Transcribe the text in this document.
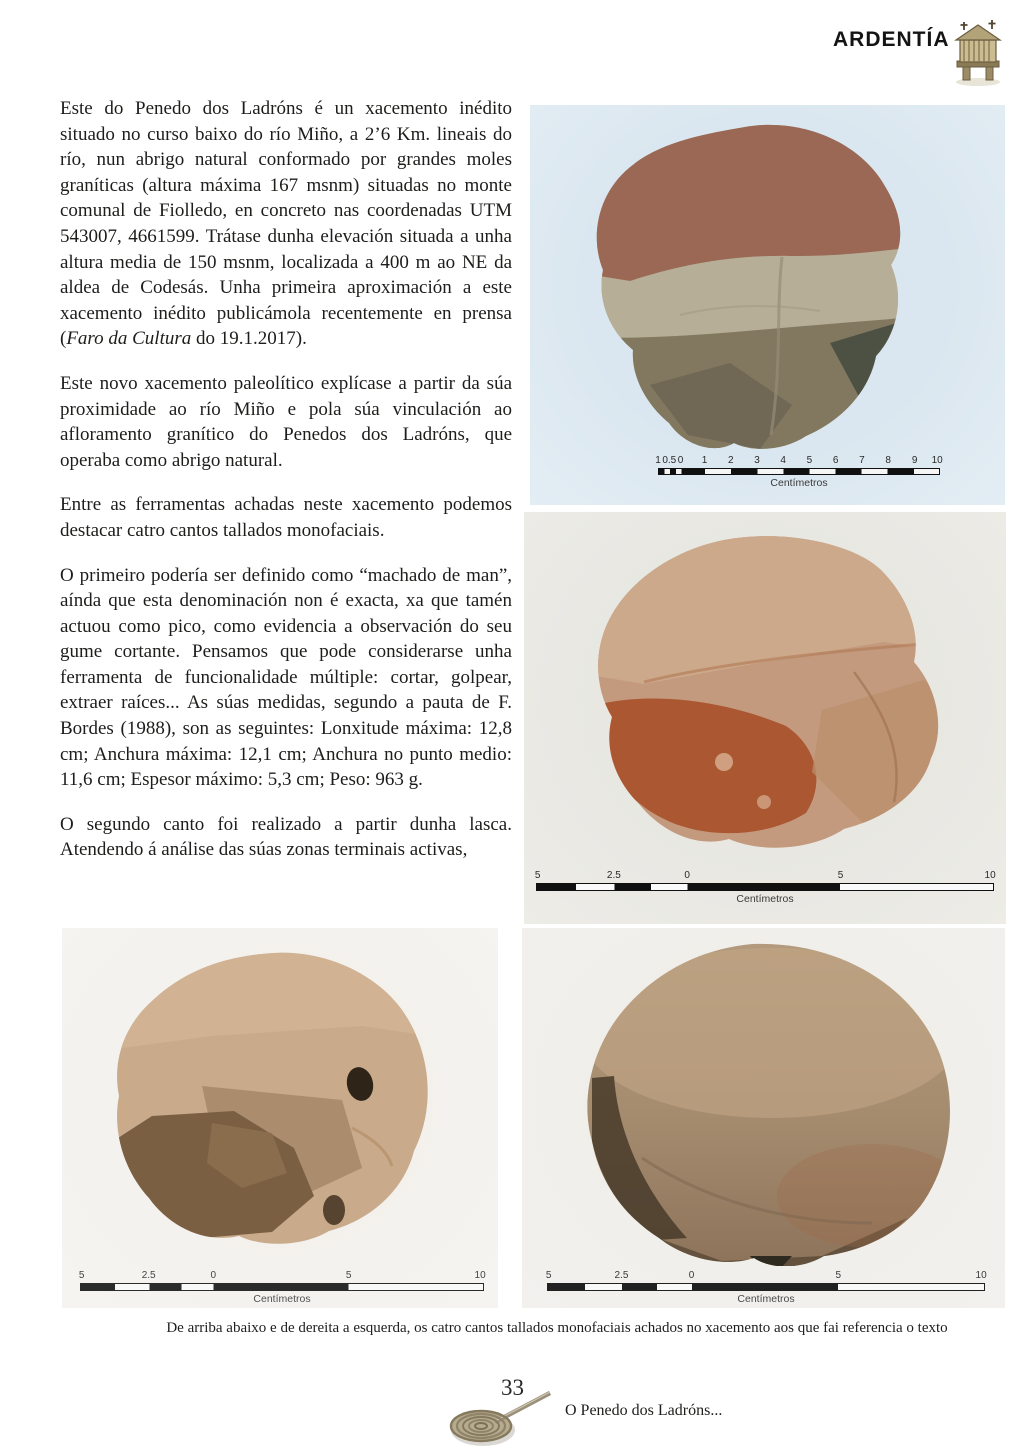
ARDENTÍA

Este do Penedo dos Ladróns é un xacemento inédito situado no curso baixo do río Miño, a 2’6 Km. lineais do río, nun abrigo natural conformado por grandes moles graníticas (altura máxima 167 msnm) situadas no monte comunal de Fiolledo, en concreto nas coordenadas UTM 543007, 4661599. Trátase dunha elevación situada a unha altura media de 150 msnm, localizada a 400 m ao NE da aldea de Codesás. Unha primeira aproximación a este xacemento inédito publicámola recentemente en prensa (Faro da Cultura do 19.1.2017).

Este novo xacemento paleolítico explícase a partir da súa proximidade ao río Miño e pola súa vinculación ao afloramento granítico do Penedos dos Ladróns, que operaba como abrigo natural.

Entre as ferramentas achadas neste xacemento podemos destacar catro cantos tallados monofaciais.

O primeiro podería ser definido como “machado de man”, aínda que esta denominación non é exacta, xa que tamén actuou como pico, como evidencia a observación do seu gume cortante. Pensamos que pode considerarse unha ferramenta de funcionalidade múltiple: cortar, golpear, extraer raíces... As súas medidas, segundo a pauta de F. Bordes (1988), son as seguintes: Lonxitude máxima: 12,8 cm; Anchura máxima: 12,1 cm; Anchura no punto medio: 11,6 cm; Espesor máximo: 5,3 cm; Peso: 963 g.

O segundo canto foi realizado a partir dunha lasca. Atendendo á análise das súas zonas terminais activas,

1 0.5 0 1 2 3 4 5 6 7 8 9 10
Centímetros
5	2.5	0	5	10
Centímetros
5	2.5	0	5	10
Centímetros
5	2.5	0	5	10
Centímetros
De arriba abaixo e de dereita a esquerda, os catro cantos tallados monofaciais achados no xacemento aos que fai referencia o texto
33
O Penedo dos Ladróns...
